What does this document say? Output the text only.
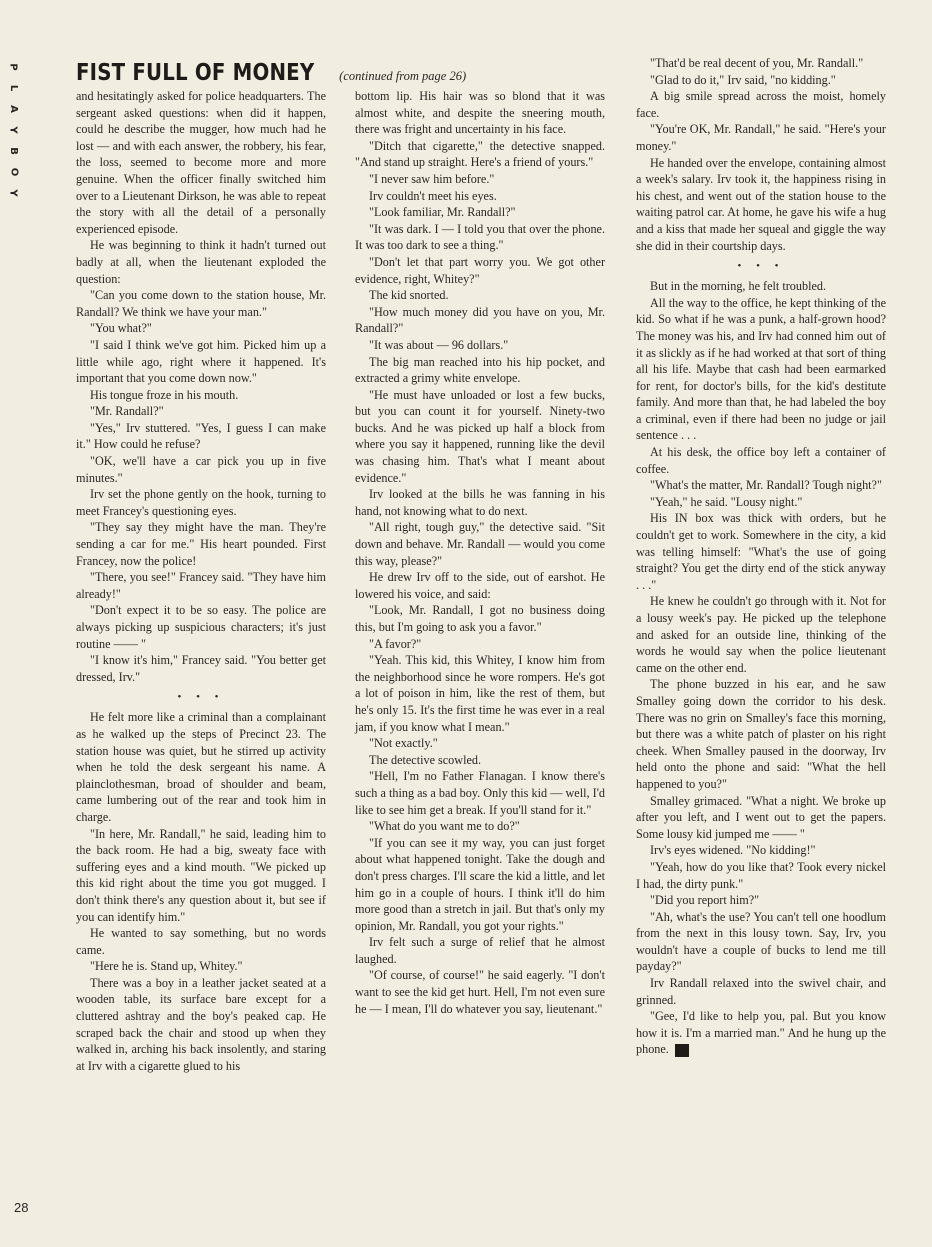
P
L
A
Y
B
O
Y
FIST FULL OF MONEY (continued from page 26)

and hesitatingly asked for police headquarters. The sergeant asked questions: when did it happen, could he describe the mugger, how much had he lost — and with each answer, the robbery, his fear, the loss, seemed to become more and more genuine. When the officer finally switched him over to a Lieutenant Dirkson, he was able to repeat the story with all the detail of a personally experienced episode.

He was beginning to think it hadn't turned out badly at all, when the lieutenant exploded the question:

"Can you come down to the station house, Mr. Randall? We think we have your man."

"You what?"

"I said I think we've got him. Picked him up a little while ago, right where it happened. It's important that you come down now."

His tongue froze in his mouth.

"Mr. Randall?"

"Yes," Irv stuttered. "Yes, I guess I can make it." How could he refuse?

"OK, we'll have a car pick you up in five minutes."

Irv set the phone gently on the hook, turning to meet Francey's questioning eyes.

"They say they might have the man. They're sending a car for me." His heart pounded. First Francey, now the police!

"There, you see!" Francey said. "They have him already!"

"Don't expect it to be so easy. The police are always picking up suspicious characters; it's just routine —— "

"I know it's him," Francey said. "You better get dressed, Irv."

• • •

He felt more like a criminal than a complainant as he walked up the steps of Precinct 23. The station house was quiet, but he stirred up activity when he told the desk sergeant his name. A plainclothesman, broad of shoulder and beam, came lumbering out of the rear and took him in charge.

"In here, Mr. Randall," he said, leading him to the back room. He had a big, sweaty face with suffering eyes and a kind mouth. "We picked up this kid right about the time you got mugged. I don't think there's any question about it, but see if you can identify him."

He wanted to say something, but no words came.

"Here he is. Stand up, Whitey."

There was a boy in a leather jacket seated at a wooden table, its surface bare except for a cluttered ashtray and the boy's peaked cap. He scraped back the chair and stood up when they walked in, arching his back insolently, and staring at Irv with a cigarette glued to his

bottom lip. His hair was so blond that it was almost white, and despite the sneering mouth, there was fright and uncertainty in his face.

"Ditch that cigarette," the detective snapped. "And stand up straight. Here's a friend of yours."

"I never saw him before."

Irv couldn't meet his eyes.

"Look familiar, Mr. Randall?"

"It was dark. I — I told you that over the phone. It was too dark to see a thing."

"Don't let that part worry you. We got other evidence, right, Whitey?"

The kid snorted.

"How much money did you have on you, Mr. Randall?"

"It was about — 96 dollars."

The big man reached into his hip pocket, and extracted a grimy white envelope.

"He must have unloaded or lost a few bucks, but you can count it for yourself. Ninety-two bucks. And he was picked up half a block from where you say it happened, running like the devil was chasing him. That's what I meant about evidence."

Irv looked at the bills he was fanning in his hand, not knowing what to do next.

"All right, tough guy," the detective said. "Sit down and behave. Mr. Randall — would you come this way, please?"

He drew Irv off to the side, out of earshot. He lowered his voice, and said:

"Look, Mr. Randall, I got no business doing this, but I'm going to ask you a favor."

"A favor?"

"Yeah. This kid, this Whitey, I know him from the neighborhood since he wore rompers. He's got a lot of poison in him, like the rest of them, but he's only 15. It's the first time he was ever in a real jam, if you know what I mean."

"Not exactly."

The detective scowled.

"Hell, I'm no Father Flanagan. I know there's such a thing as a bad boy. Only this kid — well, I'd like to see him get a break. If you'll stand for it."

"What do you want me to do?"

"If you can see it my way, you can just forget about what happened tonight. Take the dough and don't press charges. I'll scare the kid a little, and let him go in a couple of hours. I think it'll do him more good than a stretch in jail. But that's only my opinion, Mr. Randall, you got your rights."

Irv felt such a surge of relief that he almost laughed.

"Of course, of course!" he said eagerly. "I don't want to see the kid get hurt. Hell, I'm not even sure he — I mean, I'll do whatever you say, lieutenant."

"That'd be real decent of you, Mr. Randall."

"Glad to do it," Irv said, "no kidding."

A big smile spread across the moist, homely face.

"You're OK, Mr. Randall," he said. "Here's your money."

He handed over the envelope, containing almost a week's salary. Irv took it, the happiness rising in his chest, and went out of the station house to the waiting patrol car. At home, he gave his wife a hug and a kiss that made her squeal and giggle the way she did in their courtship days.

• • •

But in the morning, he felt troubled.

All the way to the office, he kept thinking of the kid. So what if he was a punk, a half-grown hood? The money was his, and Irv had conned him out of it as slickly as if he had worked at that sort of thing all his life. Maybe that cash had been earmarked for rent, for doctor's bills, for the kid's destitute family. And more than that, he had labeled the boy a criminal, even if there had been no judge or jail sentence . . .

At his desk, the office boy left a container of coffee.

"What's the matter, Mr. Randall? Tough night?"

"Yeah," he said. "Lousy night."

His IN box was thick with orders, but he couldn't get to work. Somewhere in the city, a kid was telling himself: "What's the use of going straight? You get the dirty end of the stick anyway . . ."

He knew he couldn't go through with it. Not for a lousy week's pay. He picked up the telephone and asked for an outside line, thinking of the words he would say when the police lieutenant came on the other end.

The phone buzzed in his ear, and he saw Smalley going down the corridor to his desk. There was no grin on Smalley's face this morning, but there was a white patch of plaster on his right cheek. When Smalley paused in the doorway, Irv held onto the phone and said: "What the hell happened to you?"

Smalley grimaced. "What a night. We broke up after you left, and I went out to get the papers. Some lousy kid jumped me —— "

Irv's eyes widened. "No kidding!"

"Yeah, how do you like that? Took every nickel I had, the dirty punk."

"Did you report him?"

"Ah, what's the use? You can't tell one hoodlum from the next in this lousy town. Say, Irv, you wouldn't have a couple of bucks to lend me till payday?"

Irv Randall relaxed into the swivel chair, and grinned.

"Gee, I'd like to help you, pal. But you know how it is. I'm a married man." And he hung up the phone. Y

28
